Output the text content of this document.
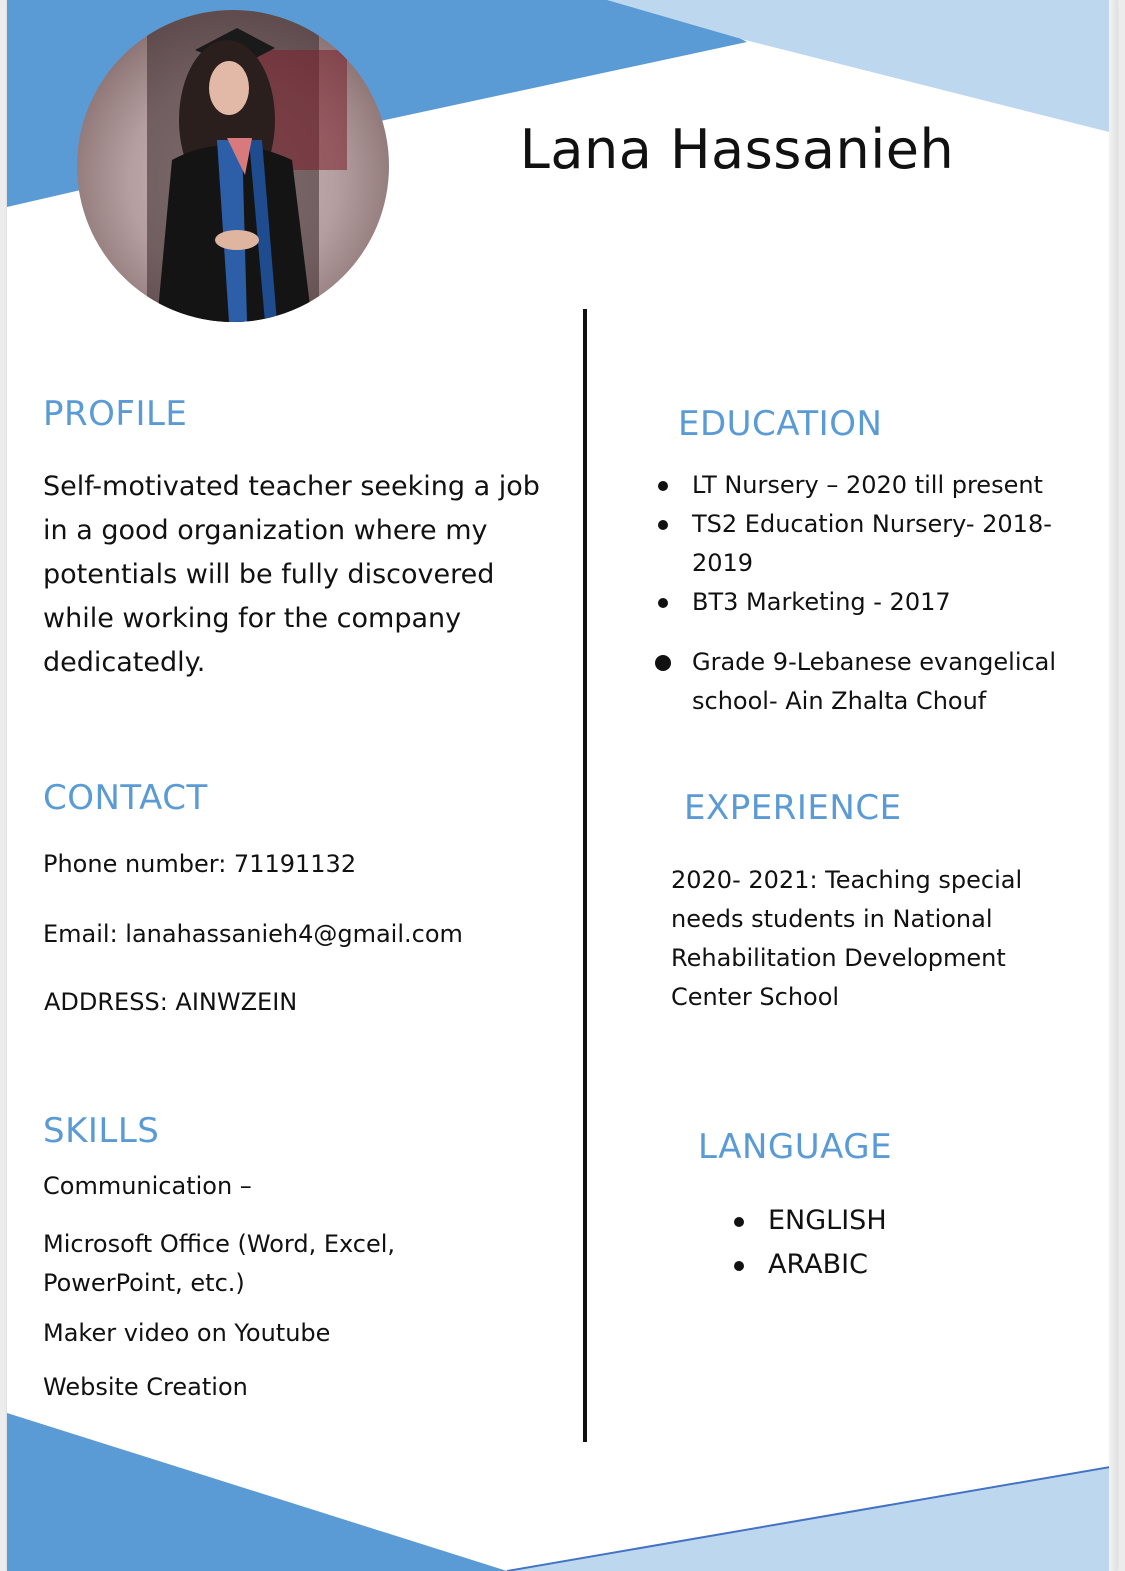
Lana Hassanieh
PROFILE
Self-motivated teacher seeking a job in a good organization where my potentials will be fully discovered while working for the company dedicatedly.
CONTACT
Phone number: 71191132
Email: lanahassanieh4@gmail.com
ADDRESS: AINWZEIN
SKILLS
Communication –
Microsoft Office (Word, Excel, PowerPoint, etc.)
Maker video on Youtube
Website Creation
EDUCATION
LT Nursery – 2020 till present
TS2 Education Nursery- 2018-2019
BT3 Marketing - 2017
Grade 9-Lebanese evangelical school- Ain Zhalta Chouf
EXPERIENCE
2020- 2021: Teaching special needs students in National Rehabilitation Development Center School
LANGUAGE
ENGLISH
ARABIC
